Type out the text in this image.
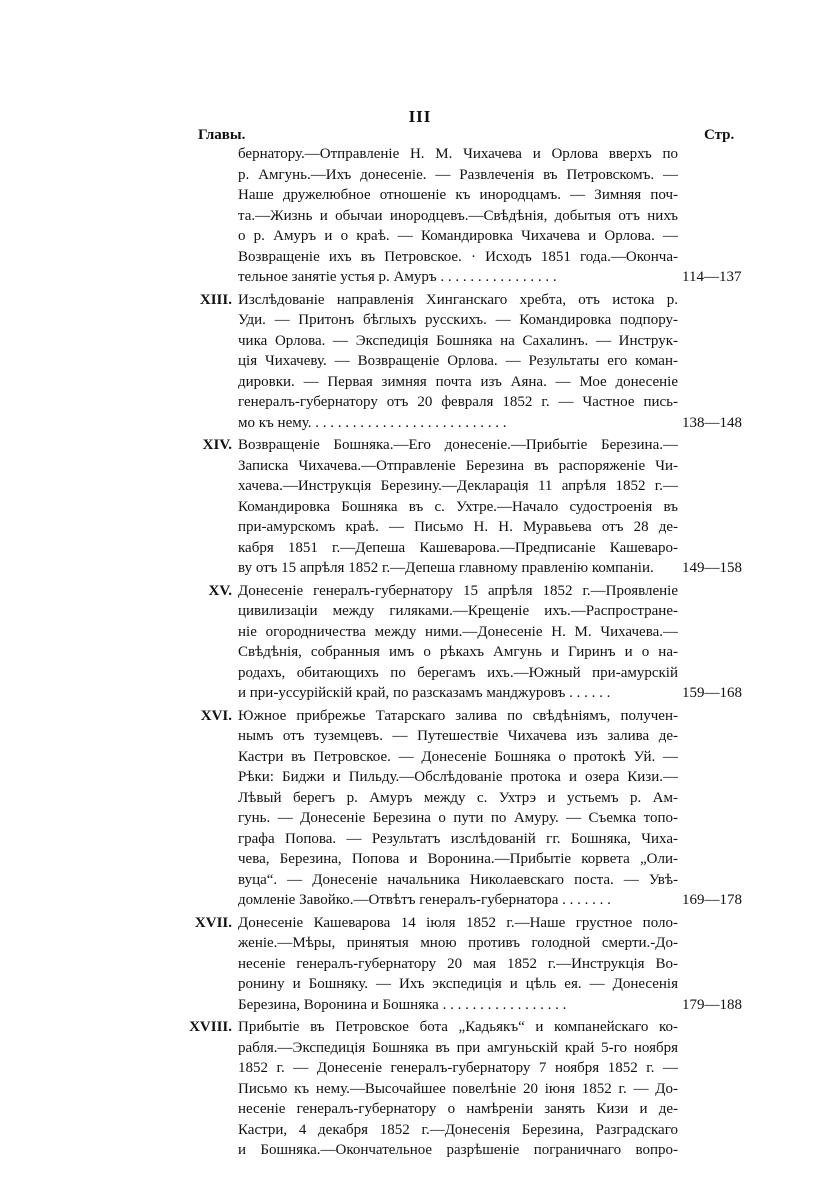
III
Главы.	Стр.
бернатору.—Отправленіе Н. М. Чихачева и Орлова вверхъ по
р. Амгунь.—Ихъ донесеніе. — Развлеченія въ Петровскомъ. —
Наше дружелюбное отношеніе къ инородцамъ. — Зимняя поч-
та.—Жизнь и обычаи инородцевъ.—Свѣдѣнія, добытыя отъ нихъ
о р. Амуръ и о краѣ. — Командировка Чихачева и Орлова. —
Возвращеніе ихъ въ Петровское. · Исходъ 1851 года.—Оконча-
тельное занятіе устья р. Амуръ . . . . . . . . . . . . . . . .	114—137
XIII. Изслѣдованіе направленія Хинганскаго хребта, отъ истока р.
Уди. — Притонъ бѣглыхъ русскихъ. — Командировка подпору-
чика Орлова. — Экспедиція Бошняка на Сахалинъ. — Инструк-
ція Чихачеву. — Возвращеніе Орлова. — Результаты его коман-
дировки. — Первая зимняя почта изъ Аяна. — Мое донесеніе
генералъ-губернатору отъ 20 февраля 1852 г. — Частное пись-
мо къ нему. . . . . . . . . . . . . . . . . . . . . . . . . . .	138—148
XIV. Возвращеніе Бошняка.—Его донесеніе.—Прибытіе Березина.—
Записка Чихачева.—Отправленіе Березина въ распоряженіе Чи-
хачева.—Инструкція Березину.—Декларація 11 апрѣля 1852 г.—
Командировка Бошняка въ с. Ухтре.—Начало судостроенія въ
при-амурскомъ краѣ. — Письмо Н. Н. Муравьева отъ 28 де-
кабря 1851 г.—Депеша Кашеварова.—Предписаніе Кашеваро-
ву отъ 15 апрѣля 1852 г.—Депеша главному правленію компаніи.	149—158
XV. Донесеніе генералъ-губернатору 15 апрѣля 1852 г.—Проявленіе
цивилизаціи между гиляками.—Крещеніе ихъ.—Распростране-
ніе огородничества между ними.—Донесеніе Н. М. Чихачева.—
Свѣдѣнія, собранныя имъ о рѣкахъ Амгунь и Гиринъ и о на-
родахъ, обитающихъ по берегамъ ихъ.—Южный при-амурскій
и при-уссурійскій край, по разсказамъ манджуровъ . . . . . .	159—168
XVI. Южное прибрежье Татарскаго залива по свѣдѣніямъ, получен-
нымъ отъ туземцевъ. — Путешествіе Чихачева изъ залива де-
Кастри въ Петровское. — Донесеніе Бошняка о протокѣ Уй. —
Рѣки: Биджи и Пильду.—Обслѣдованіе протока и озера Кизи.—
Лѣвый берегъ р. Амуръ между с. Ухтрэ и устьемъ р. Ам-
гунь. — Донесеніе Березина о пути по Амуру. — Съемка топо-
графа Попова. — Результатъ изслѣдованій гг. Бошняка, Чиха-
чева, Березина, Попова и Воронина.—Прибытіе корвета „Оли-
вуца“. — Донесеніе начальника Николаевскаго поста. — Увѣ-
домленіе Завойко.—Отвѣтъ генералъ-губернатора . . . . . . .	169—178
XVII. Донесеніе Кашеварова 14 іюля 1852 г.—Наше грустное поло-
женіе.—Мѣры, принятыя мною противъ голодной смерти.-До-
несеніе генералъ-губернатору 20 мая 1852 г.—Инструкція Во-
ронину и Бошняку. — Ихъ экспедиція и цѣль ея. — Донесенія
Березина, Воронина и Бошняка . . . . . . . . . . . . . . . . .	179—188
XVIII. Прибытіе въ Петровское бота „Кадьякъ“ и компанейскаго ко-
рабля.—Экспедиція Бошняка въ при амгуньскій край 5-го ноября
1852 г. — Донесеніе генералъ-губернатору 7 ноября 1852 г. —
Письмо къ нему.—Высочайшее повелѣніе 20 іюня 1852 г. — До-
несеніе генералъ-губернатору о намѣреніи занять Кизи и де-
Кастри, 4 декабря 1852 г.—Донесенія Березина, Разградскаго
и Бошняка.—Окончательное разрѣшеніе пограничнаго вопро-
